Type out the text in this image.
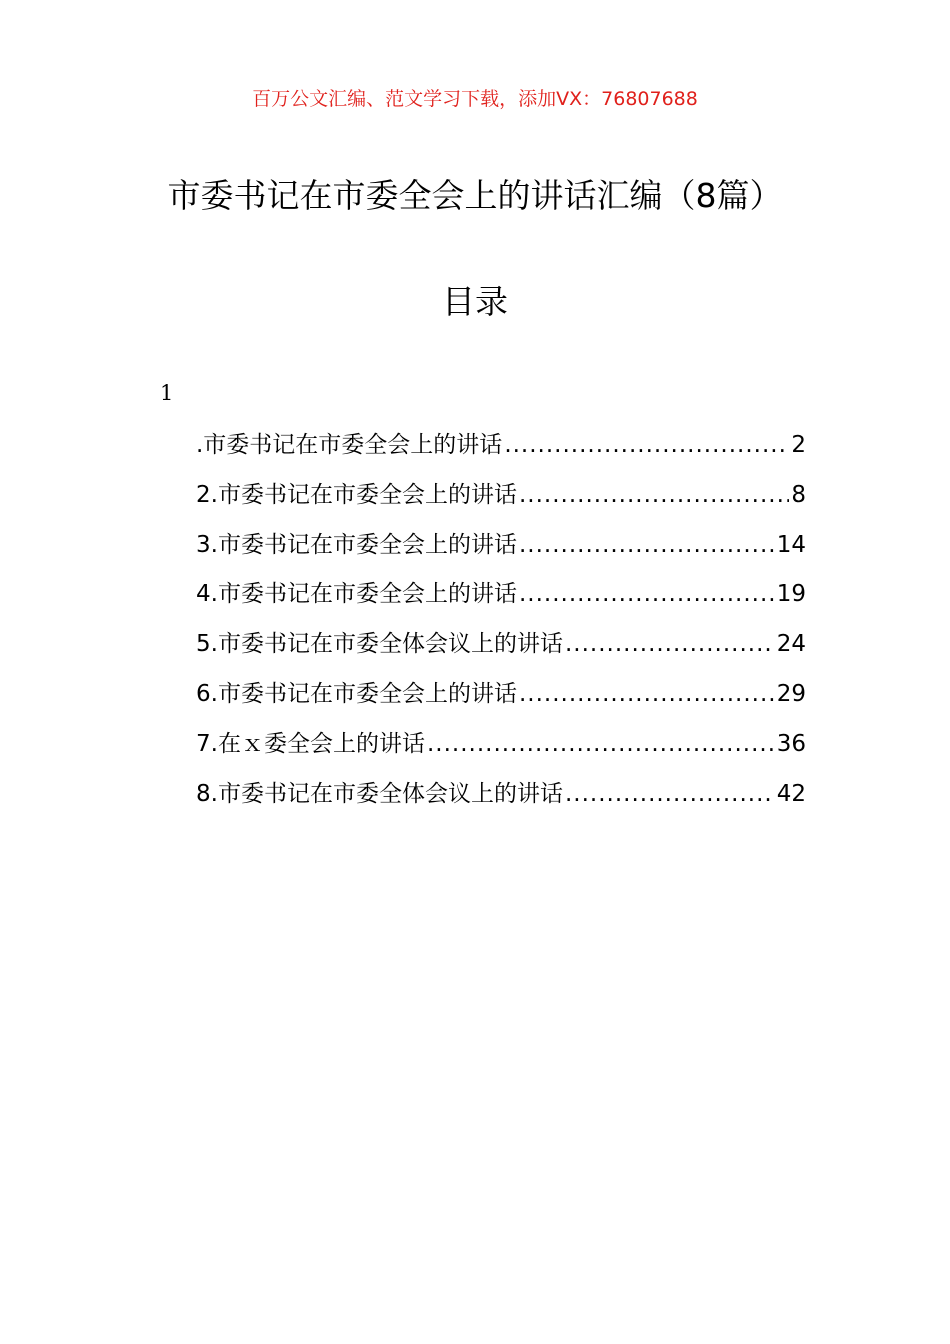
百万公文汇编、范文学习下载，添加VX：76807688
市委书记在市委全会上的讲话汇编（8篇）
目录
1
.市委书记在市委全会上的讲话 .....	2
2.市委书记在市委全会上的讲话 .....	8
3.市委书记在市委全会上的讲话 .....	14
4.市委书记在市委全会上的讲话 .....	19
5.市委书记在市委全体会议上的讲话 .....	24
6.市委书记在市委全会上的讲话 .....	29
7.在ｘ委全会上的讲话 .....	36
8.市委书记在市委全体会议上的讲话 .....	42
